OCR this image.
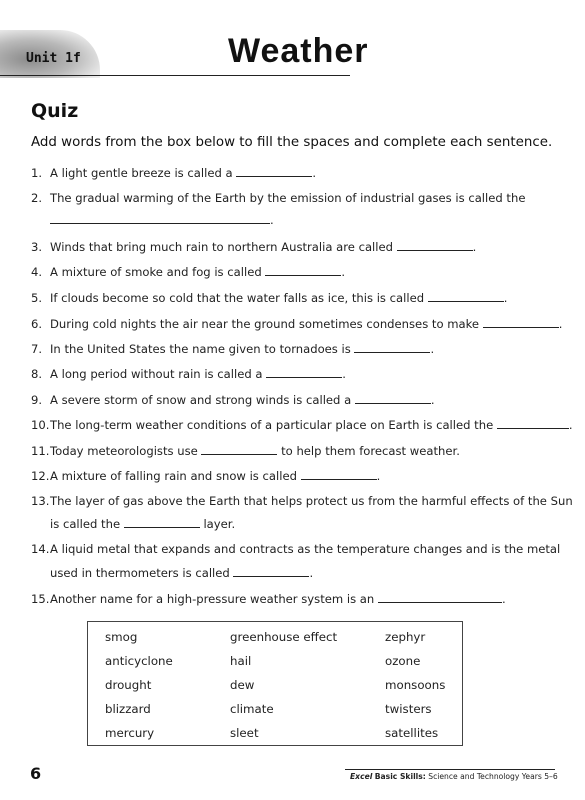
Unit 1f	Weather
Quiz
Add words from the box below to fill the spaces and complete each sentence.
1. A light gentle breeze is called a	.
2. The gradual warming of the Earth by the emission of industrial gases is called the
.
3. Winds that bring much rain to northern Australia are called	.
4. A mixture of smoke and fog is called	.
5. If clouds become so cold that the water falls as ice, this is called	.
6. During cold nights the air near the ground sometimes condenses to make	.
7. In the United States the name given to tornadoes is	.
8. A long period without rain is called a	.
9. A severe storm of snow and strong winds is called a	.
10.The long-term weather conditions of a particular place on Earth is called the	.
11.Today meteorologists use	to help them forecast weather.
12.A mixture of falling rain and snow is called	.
13.The layer of gas above the Earth that helps protect us from the harmful effects of the Sun
is called the	layer.
14.A liquid metal that expands and contracts as the temperature changes and is the metal
used in thermometers is called	.
15.Another name for a high-pressure weather system is an	.
smog	greenhouse effect	zephyr
anticyclone	hail	ozone
drought	dew	monsoons
blizzard	climate	twisters
mercury	sleet	satellites
6	Excel Basic Skills: Science and Technology Years 5–6
